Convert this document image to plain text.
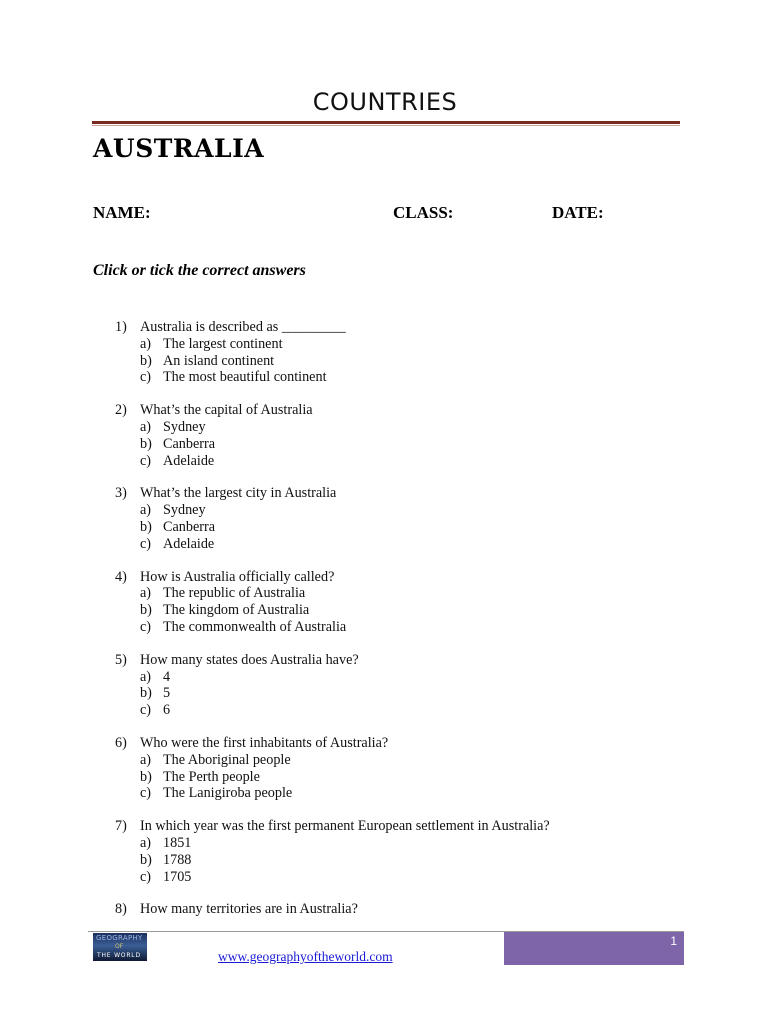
COUNTRIES
AUSTRALIA
NAME:	CLASS:	DATE:
Click or tick the correct answers
1) Australia is described as _________
a) The largest continent
b) An island continent
c) The most beautiful continent
2) What’s the capital of Australia
a) Sydney
b) Canberra
c) Adelaide
3) What’s the largest city in Australia
a) Sydney
b) Canberra
c) Adelaide
4) How is Australia officially called?
a) The republic of Australia
b) The kingdom of Australia
c) The commonwealth of Australia
5) How many states does Australia have?
a) 4
b) 5
c) 6
6) Who were the first inhabitants of Australia?
a) The Aboriginal people
b) The Perth people
c) The Lanigiroba people
7) In which year was the first permanent European settlement in Australia?
a) 1851
b) 1788
c) 1705
8) How many territories are in Australia?
GEOGRAPHY
OF
THE WORLD	www.geographyoftheworld.com
1
